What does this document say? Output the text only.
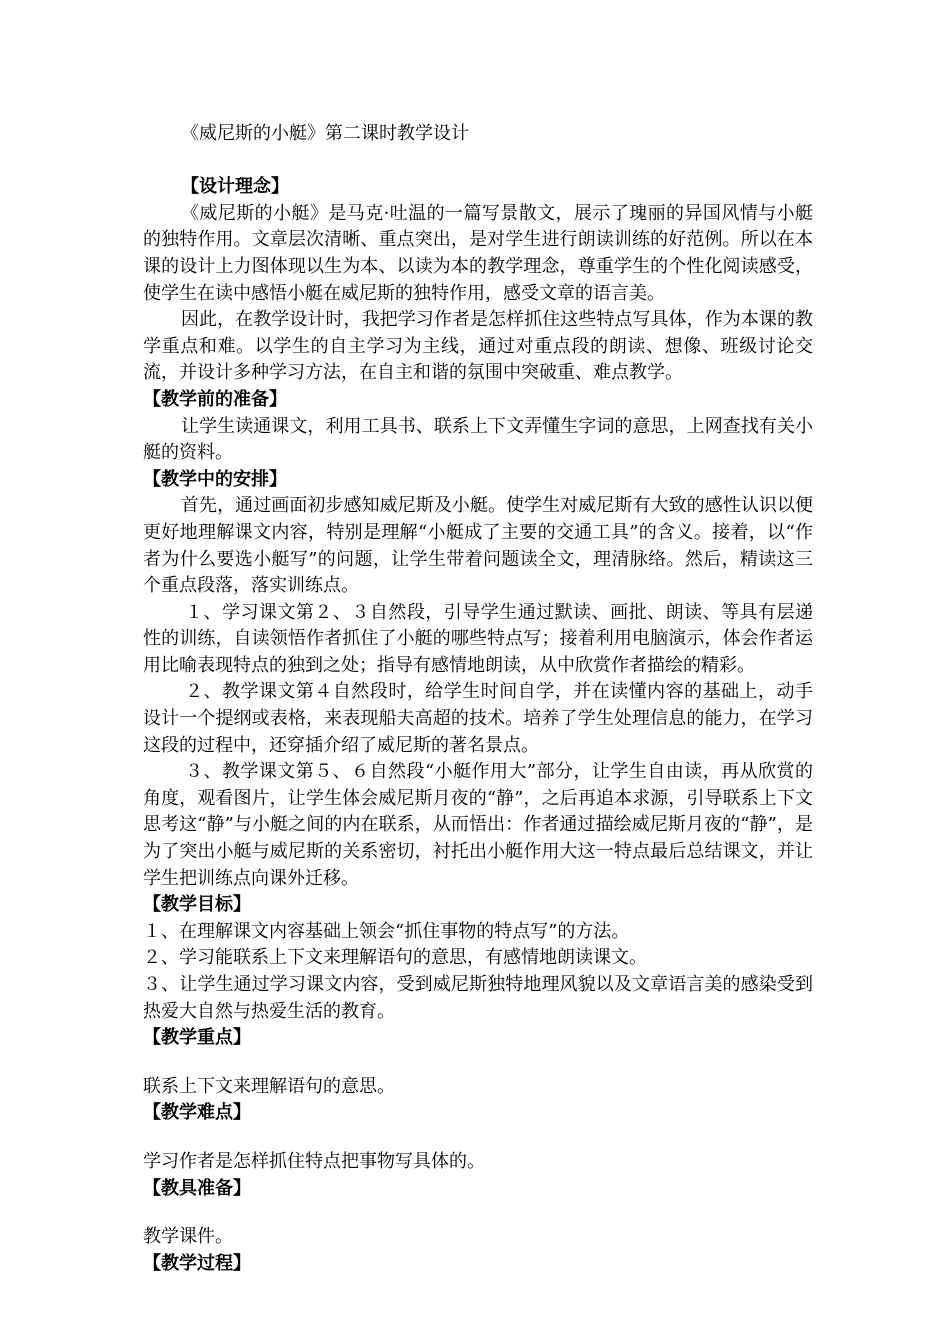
《威尼斯的小艇》第二课时教学设计

【设计理念】

《威尼斯的小艇》是马克·吐温的一篇写景散文，展示了瑰丽的异国风情与小艇的独特作用。文章层次清晰、重点突出，是对学生进行朗读训练的好范例。所以在本课的设计上力图体现以生为本、以读为本的教学理念，尊重学生的个性化阅读感受，使学生在读中感悟小艇在威尼斯的独特作用，感受文章的语言美。

因此，在教学设计时，我把学习作者是怎样抓住这些特点写具体，作为本课的教学重点和难。以学生的自主学习为主线，通过对重点段的朗读、想像、班级讨论交流，并设计多种学习方法，在自主和谐的氛围中突破重、难点教学。

【教学前的准备】

让学生读通课文，利用工具书、联系上下文弄懂生字词的意思，上网查找有关小艇的资料。

【教学中的安排】

首先，通过画面初步感知威尼斯及小艇。使学生对威尼斯有大致的感性认识以便更好地理解课文内容，特别是理解“小艇成了主要的交通工具”的含义。接着，以“作者为什么要选小艇写”的问题，让学生带着问题读全文，理清脉络。然后，精读这三个重点段落，落实训练点。

１、学习课文第２、３自然段，引导学生通过默读、画批、朗读、等具有层递性的训练，自读领悟作者抓住了小艇的哪些特点写；接着利用电脑演示，体会作者运用比喻表现特点的独到之处；指导有感情地朗读，从中欣赏作者描绘的精彩。

２、教学课文第４自然段时，给学生时间自学，并在读懂内容的基础上，动手设计一个提纲或表格，来表现船夫高超的技术。培养了学生处理信息的能力，在学习这段的过程中，还穿插介绍了威尼斯的著名景点。

３、教学课文第５、６自然段“小艇作用大”部分，让学生自由读，再从欣赏的角度，观看图片，让学生体会威尼斯月夜的“静”，之后再追本求源，引导联系上下文思考这“静”与小艇之间的内在联系，从而悟出：作者通过描绘威尼斯月夜的“静”，是为了突出小艇与威尼斯的关系密切，衬托出小艇作用大这一特点最后总结课文，并让学生把训练点向课外迁移。

【教学目标】

１、在理解课文内容基础上领会“抓住事物的特点写”的方法。

２、学习能联系上下文来理解语句的意思，有感情地朗读课文。

３、让学生通过学习课文内容，受到威尼斯独特地理风貌以及文章语言美的感染受到热爱大自然与热爱生活的教育。

【教学重点】

联系上下文来理解语句的意思。

【教学难点】

学习作者是怎样抓住特点把事物写具体的。

【教具准备】

教学课件。

【教学过程】
